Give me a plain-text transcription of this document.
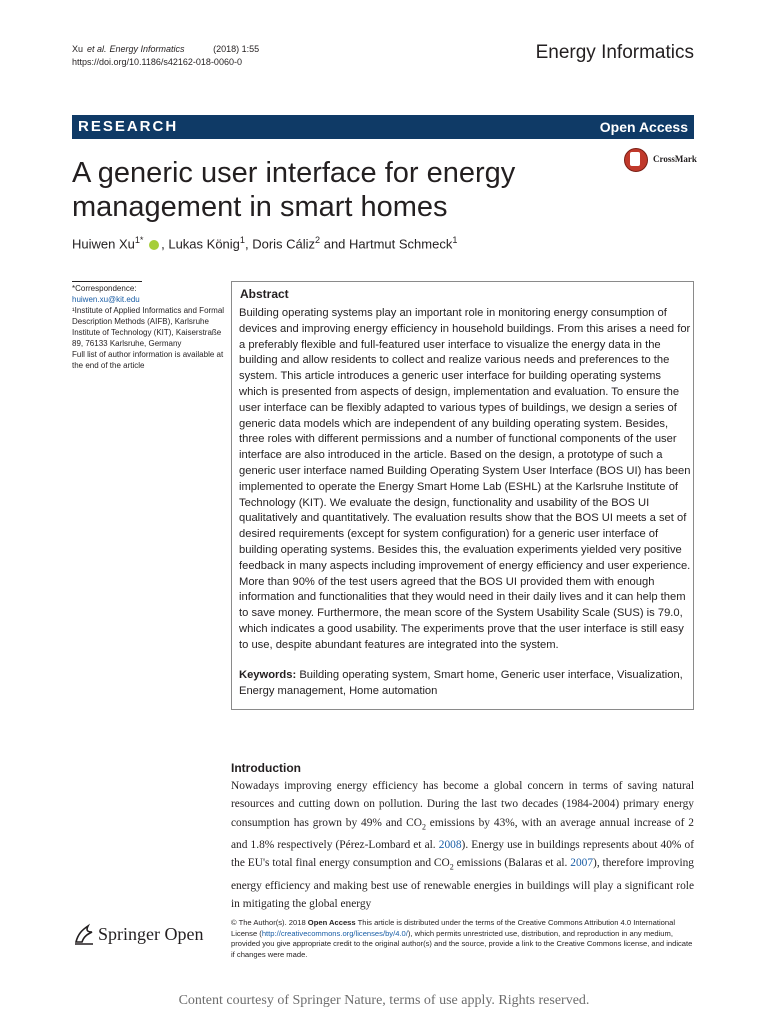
Xu et al. Energy Informatics	(2018) 1:55
https://doi.org/10.1186/s42162-018-0060-0	Energy Informatics
RESEARCH	Open Access
CrossMark
A generic user interface for energy management in smart homes
Huiwen $Xu^{1*}$ , Lukas König$^1$, Doris Cáliz$^2$ and Hartmut Schmeck$^1$
*Correspondence:
huiwen.xu@kit.edu
¹Institute of Applied Informatics and Formal Description Methods (AIFB), Karlsruhe Institute of Technology (KIT), Kaiserstraße 89, 76133 Karlsruhe, Germany
Full list of author information is available at the end of the article
Abstract
Building operating systems play an important role in monitoring energy consumption of devices and improving energy efficiency in household buildings. From this arises a need for a preferably flexible and full-featured user interface to visualize the energy data in the building and allow residents to collect and realize various needs and preferences to the system. This article introduces a generic user interface for building operating systems which is presented from aspects of design, implementation and evaluation. To ensure the user interface can be flexibly adapted to various types of buildings, we design a series of generic data models which are independent of any building operating system. Besides, three roles with different permissions and a number of functional components of the user interface are also introduced in the article. Based on the design, a prototype of such a generic user interface named Building Operating System User Interface (BOS UI) has been implemented to operate the Energy Smart Home Lab (ESHL) at the Karlsruhe Institute of Technology (KIT). We evaluate the design, functionality and usability of the BOS UI qualitatively and quantitatively. The evaluation results show that the BOS UI meets a set of desired requirements (except for system configuration) for a generic user interface of building operating systems. Besides this, the evaluation experiments yielded very positive feedback in many aspects including improvement of energy efficiency and user experience. More than 90% of the test users agreed that the BOS UI provided them with enough information and functionalities that they would need in their daily lives and it can help them to save money. Furthermore, the mean score of the System Usability Scale (SUS) is 79.0, which indicates a good usability. The experiments prove that the user interface is still easy to use, despite abundant features are integrated into the system.
Keywords: Building operating system, Smart home, Generic user interface, Visualization, Energy management, Home automation
Introduction
Nowadays improving energy efficiency has become a global concern in terms of saving natural resources and cutting down on pollution. During the last two decades (1984-2004) primary energy consumption has grown by 49% and $CO_2$ emissions by 43%, with an average annual increase of 2 and 1.8% respectively (Pérez-Lombard et al. 2008). Energy use in buildings represents about 40% of the EU's total final energy consumption and $CO_2$ emissions (Balaras et al. 2007), therefore improving energy efficiency and making best use of renewable energies in buildings will play a significant role in mitigating the global energy
Springer Open
© The Author(s). 2018 Open Access This article is distributed under the terms of the Creative Commons Attribution 4.0 International License (http://creativecommons.org/licenses/by/4.0/), which permits unrestricted use, distribution, and reproduction in any medium, provided you give appropriate credit to the original author(s) and the source, provide a link to the Creative Commons license, and indicate if changes were made.
Content courtesy of Springer Nature, terms of use apply. Rights reserved.
